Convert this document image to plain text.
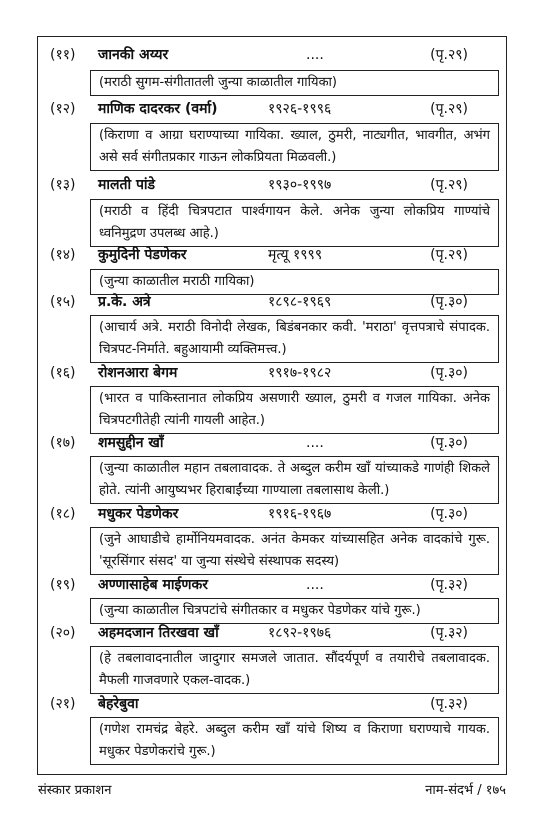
(११) जानकी अय्यर	....	(पृ.२९)
(मराठी सुगम-संगीतातली जुन्या काळातील गायिका)
(१२) माणिक दादरकर (वर्मा)	१९२६-१९९६	(पृ.२९)
(किराणा व आग्रा घराण्याच्या गायिका. ख्याल, ठुमरी, नाट्यगीत, भावगीत, अभंग असे सर्व संगीतप्रकार गाऊन लोकप्रियता मिळवली.)
(१३) मालती पांडे	१९३०-१९९७	(पृ.२९)
(मराठी व हिंदी चित्रपटात पार्श्वगायन केले. अनेक जुन्या लोकप्रिय गाण्यांचे ध्वनिमुद्रण उपलब्ध आहे.)
(१४) कुमुदिनी पेडणेकर	मृत्यू १९९९	(पृ.२९)
(जुन्या काळातील मराठी गायिका)
(१५) प्र.के. अत्रे	१८९८-१९६९	(पृ.३०)
(आचार्य अत्रे. मराठी विनोदी लेखक, बिडंबनकार कवी. 'मराठा' वृत्तपत्राचे संपादक. चित्रपट-निर्माते. बहुआयामी व्यक्तिमत्त्व.)
(१६) रोशनआरा बेगम	१९१७-१९८२	(पृ.३०)
(भारत व पाकिस्तानात लोकप्रिय असणारी ख्याल, ठुमरी व गजल गायिका. अनेक चित्रपटगीतेही त्यांनी गायली आहेत.)
(१७) शमसुद्दीन खाँ	....	(पृ.३०)
(जुन्या काळातील महान तबलावादक. ते अब्दुल करीम खाँ यांच्याकडे गाणंही शिकले होते. त्यांनी आयुष्यभर हिराबाईंच्या गाण्याला तबलासाथ केली.)
(१८) मधुकर पेडणेकर	१९१६-१९६७	(पृ.३०)
(जुने आघाडीचे हार्मोनियमवादक. अनंत केमकर यांच्यासहित अनेक वादकांचे गुरू. 'सूरसिंगार संसद' या जुन्या संस्थेचे संस्थापक सदस्य)
(१९) अण्णासाहेब माईणकर	....	(पृ.३२)
(जुन्या काळातील चित्रपटांचे संगीतकार व मधुकर पेडणेकर यांचे गुरू.)
(२०) अहमदजान तिरखवा खाँ	१८९२-१९७६	(पृ.३२)
(हे तबलावादनातील जादुगार समजले जातात. सौंदर्यपूर्ण व तयारीचे तबलावादक. मैफली गाजवणारे एकल-वादक.)
(२१) बेहरेबुवा	(पृ.३२)
(गणेश रामचंद्र बेहरे. अब्दुल करीम खाँ यांचे शिष्य व किराणा घराण्याचे गायक. मधुकर पेडणेकरांचे गुरू.)
संस्कार प्रकाशन	नाम-संदर्भ / १७५
